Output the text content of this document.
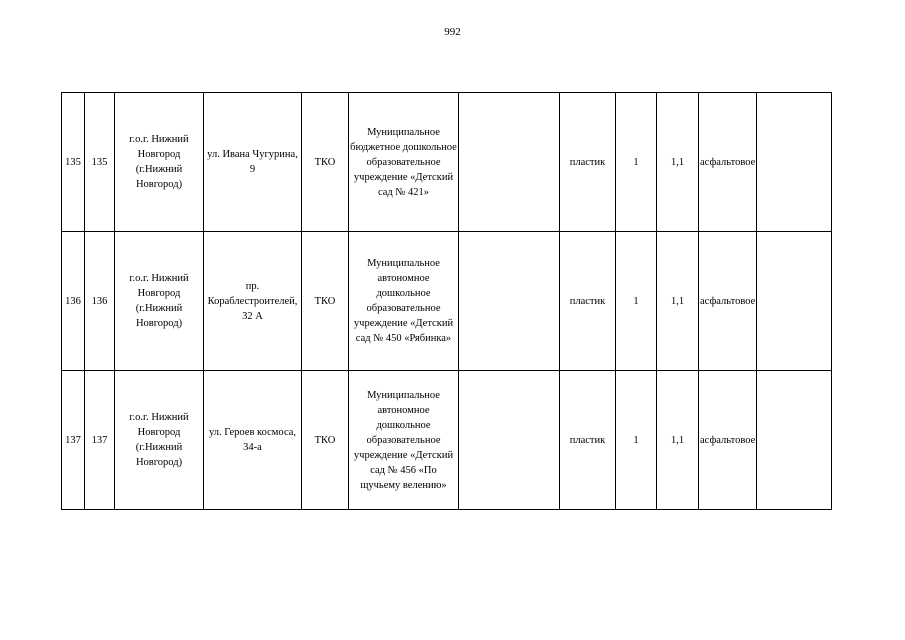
992
135	135	г.о.г. Нижний Новгород (г.Нижний Новгород)	ул. Ивана Чугурина, 9	ТКО	Муниципальное бюджетное дошкольное образовательное учреждение «Детский сад № 421»		пластик	1	1,1	асфальтовое	
136	136	г.о.г. Нижний Новгород (г.Нижний Новгород)	пр. Кораблестроителей, 32 А	ТКО	Муниципальное автономное дошкольное образовательное учреждение «Детский сад № 450 «Рябинка»		пластик	1	1,1	асфальтовое	
137	137	г.о.г. Нижний Новгород (г.Нижний Новгород)	ул. Героев космоса, 34-а	ТКО	Муниципальное автономное дошкольное образовательное учреждение «Детский сад № 456 «По щучьему велению»		пластик	1	1,1	асфальтовое	
